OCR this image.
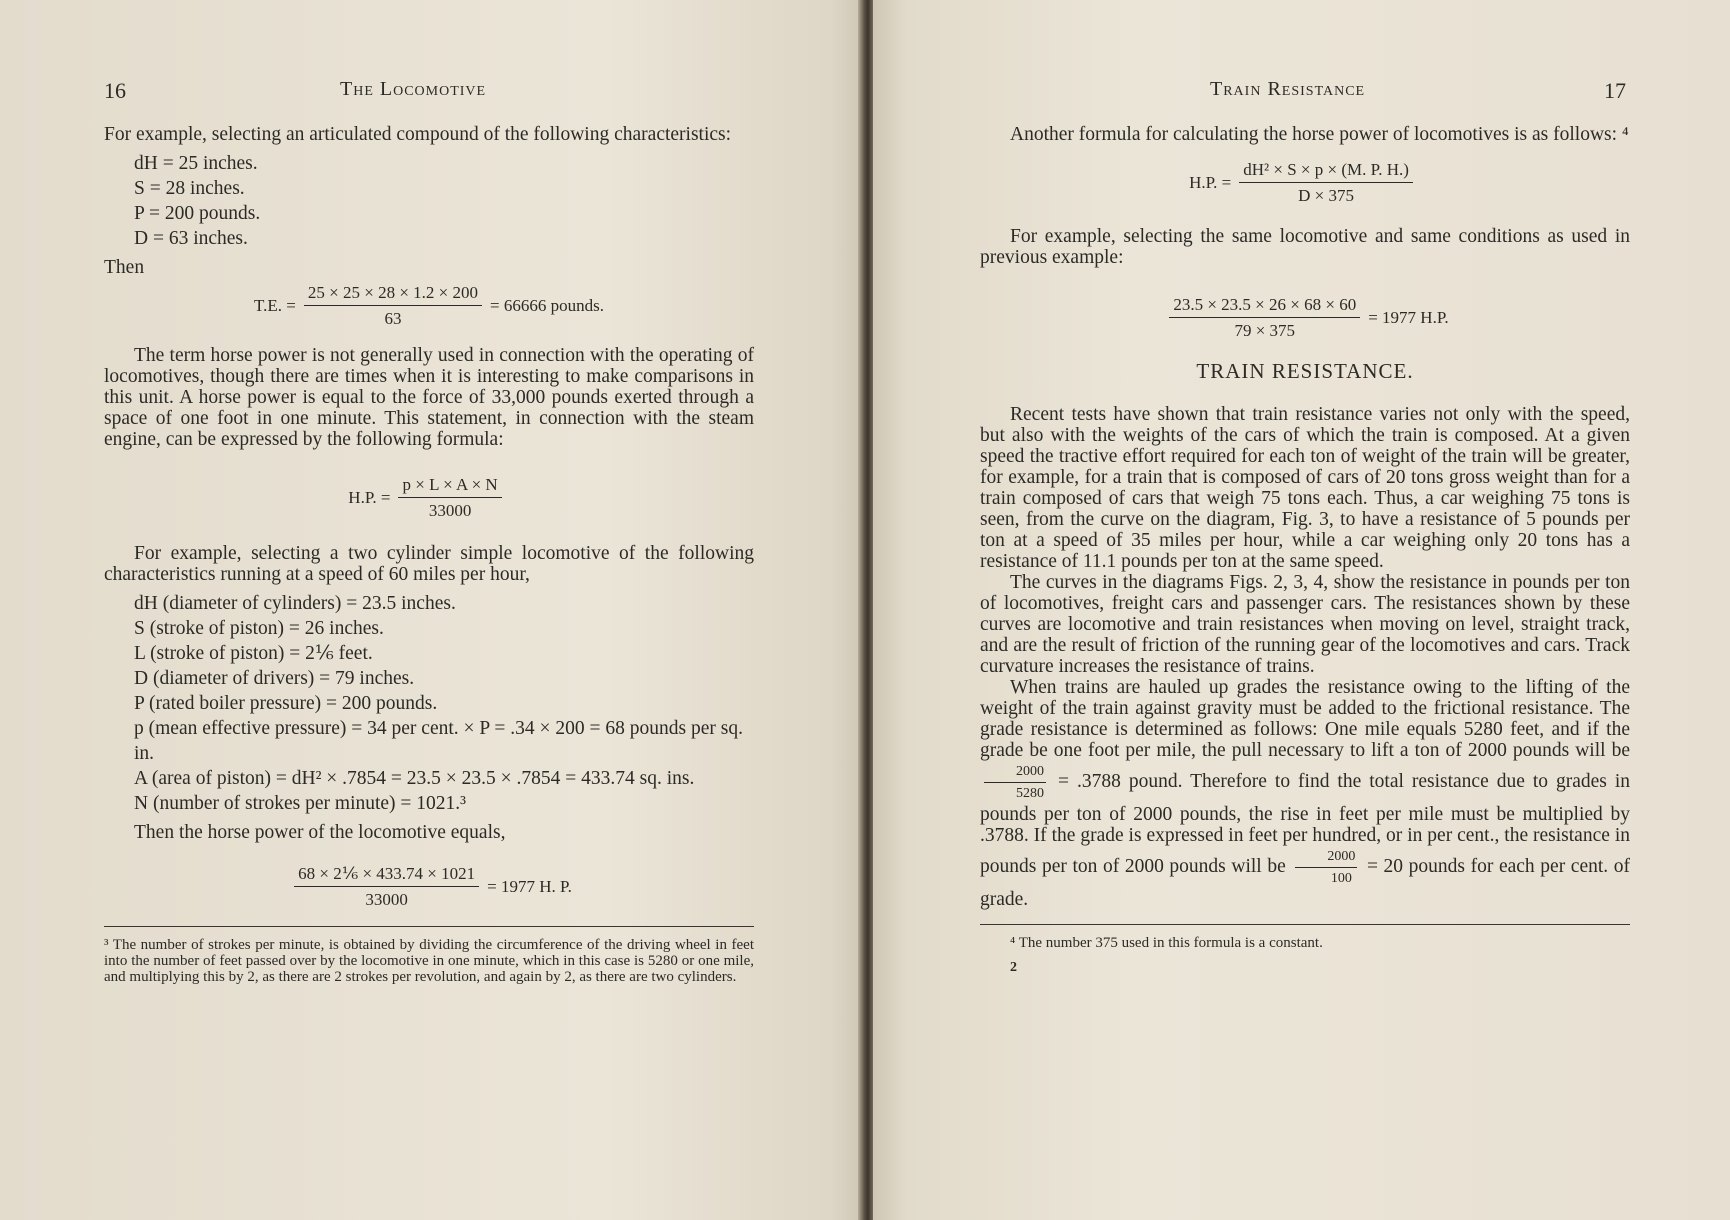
16	The Locomotive

For example, selecting an articulated compound of the following characteristics:

dH = 25 inches.
S = 28 inches.
P = 200 pounds.
D = 63 inches.

Then

T.E. = $\frac{25 \times 25 \times 28 \times 1.2 \times 200}{63} = 66666$ pounds.

The term horse power is not generally used in connection with the operating of locomotives, though there are times when it is interesting to make comparisons in this unit. A horse power is equal to the force of 33,000 pounds exerted through a space of one foot in one minute. This statement, in connection with the steam engine, can be expressed by the following formula:

H.P. = $\frac{p \times L \times A \times N}{33000}$

For example, selecting a two cylinder simple locomotive of the following characteristics running at a speed of 60 miles per hour,

dH (diameter of cylinders) = 23.5 inches.
S (stroke of piston) = 26 inches.
L (stroke of piston) = 2⅙ feet.
D (diameter of drivers) = 79 inches.
P (rated boiler pressure) = 200 pounds.
p (mean effective pressure) = 34 per cent. × P = .34 × 200 = 68 pounds per sq. in.
A (area of piston) = dH² × .7854 = 23.5 × 23.5 × .7854 = 433.74 sq. ins.
N (number of strokes per minute) = 1021.³

Then the horse power of the locomotive equals,

$\frac{\text{68 × 2⅙ × 433.74 × 1021}}{33000} = 1977$ H. P.

³ The number of strokes per minute, is obtained by dividing the circumference of the driving wheel in feet into the number of feet passed over by the locomotive in one minute, which in this case is 5280 or one mile, and multiplying this by 2, as there are 2 strokes per revolution, and again by 2, as there are two cylinders.

Train Resistance	17

Another formula for calculating the horse power of locomotives is as follows: ⁴

H.P. = $\frac{\text{dH² × S × p × (M. P. H.)}}{D \times 375}$

For example, selecting the same locomotive and same conditions as used in previous example:

$\frac{23.5 \times 23.5 \times 26 \times 68 \times 60}{79 \times 375} = 1977$ H.P.
TRAIN RESISTANCE.

Recent tests have shown that train resistance varies not only with the speed, but also with the weights of the cars of which the train is composed. At a given speed the tractive effort required for each ton of weight of the train will be greater, for example, for a train that is composed of cars of 20 tons gross weight than for a train composed of cars that weigh 75 tons each. Thus, a car weighing 75 tons is seen, from the curve on the diagram, Fig. 3, to have a resistance of 5 pounds per ton at a speed of 35 miles per hour, while a car weighing only 20 tons has a resistance of 11.1 pounds per ton at the same speed.

The curves in the diagrams Figs. 2, 3, 4, show the resistance in pounds per ton of locomotives, freight cars and passenger cars. The resistances shown by these curves are locomotive and train resistances when moving on level, straight track, and are the result of friction of the running gear of the locomotives and cars. Track curvature increases the resistance of trains.

When trains are hauled up grades the resistance owing to the lifting of the weight of the train against gravity must be added to the frictional resistance. The grade resistance is determined as follows: One mile equals 5280 feet, and if the grade be one foot per mile, the pull necessary to lift a ton of 2000 pounds will be
$\frac{2000}{5280} = .3788$ pound. Therefore to find the total resistance due to grades in pounds per ton of 2000 pounds, the rise in feet per mile must be multiplied by .3788. If the grade is expressed in feet per hundred, or in per cent., the resistance in pounds per ton of 2000 pounds will be $\frac{2000}{100} = 20$ pounds for each per cent. of grade.

⁴ The number 375 used in this formula is a constant.

2
